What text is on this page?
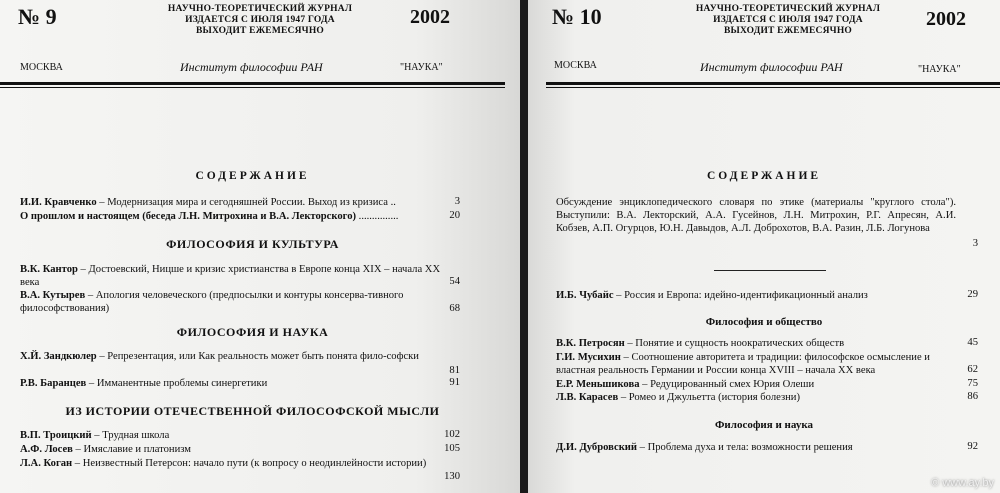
№ 9	НАУЧНО-ТЕОРЕТИЧЕСКИЙ ЖУРНАЛ
ИЗДАЕТСЯ С ИЮЛЯ 1947 ГОДА
ВЫХОДИТ ЕЖЕМЕСЯЧНО
2002
МОСКВА	Институт философии РАН	"НАУКА"
СОДЕРЖАНИЕ
И.И. Кравченко – Модернизация мира и сегодняшней России. Выход из кризиса ..	3
О прошлом и настоящем (беседа Л.Н. Митрохина и В.А. Лекторского) ...............	20
ФИЛОСОФИЯ И КУЛЬТУРА
В.К. Кантор – Достоевский, Ницше и кризис христианства в Европе конца XIX – начала XX века	54
В.А. Кутырев – Апология человеческого (предпосылки и контуры консерва-тивного философствования)	68
ФИЛОСОФИЯ И НАУКА
Х.Й. Зандкюлер – Репрезентация, или Как реальность может быть понята фило-софски
81
Р.В. Баранцев – Имманентные проблемы синергетики	91
ИЗ ИСТОРИИ ОТЕЧЕСТВЕННОЙ ФИЛОСОФСКОЙ МЫСЛИ
В.П. Троицкий – Трудная школа	102
А.Ф. Лосев – Имяславие и платонизм	105
Л.А. Коган – Неизвестный Петерсон: начало пути (к вопросу о неодинлейности истории)
130
№ 10	НАУЧНО-ТЕОРЕТИЧЕСКИЙ ЖУРНАЛ
ИЗДАЕТСЯ С ИЮЛЯ 1947 ГОДА
ВЫХОДИТ ЕЖЕМЕСЯЧНО
2002
МОСКВА	Институт философии РАН	"НАУКА"
СОДЕРЖАНИЕ
Обсуждение энциклопедического словаря по этике (материалы "круглого стола"). Выступили: В.А. Лекторский, А.А. Гусейнов, Л.Н. Митрохин, Р.Г. Апресян, А.И. Кобзев, А.П. Огурцов, Ю.Н. Давыдов, А.Л. Доброхотов, В.А. Разин, Л.Б. Логунова
3
И.Б. Чубайс – Россия и Европа: идейно-идентификационный анализ	29
Философия и общество
В.К. Петросян – Понятие и сущность ноократических обществ	45
Г.И. Мусихин – Соотношение авторитета и традиции: философское осмысление и властная реальность Германии и России конца XVIII – начала XX века	62
Е.Р. Меньшикова – Редуцированный смех Юрия Олеши	75
Л.В. Карасев – Ромео и Джульетта (история болезни)	86
Философия и наука
Д.И. Дубровский – Проблема духа и тела: возможности решения	92
© www.ay.by
